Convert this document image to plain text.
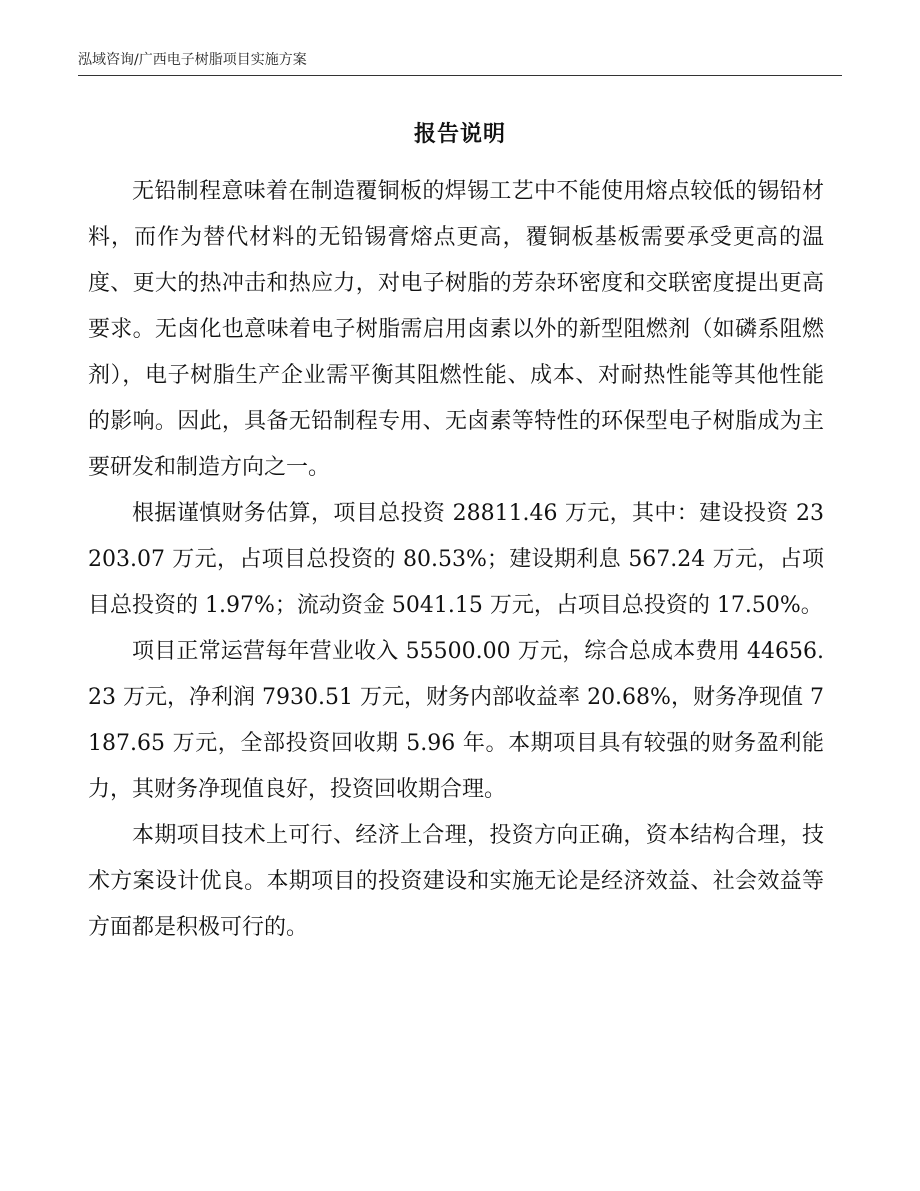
泓域咨询/广西电子树脂项目实施方案
报告说明

无铅制程意味着在制造覆铜板的焊锡工艺中不能使用熔点较低的锡铅材料，而作为替代材料的无铅锡膏熔点更高，覆铜板基板需要承受更高的温度、更大的热冲击和热应力，对电子树脂的芳杂环密度和交联密度提出更高要求。无卤化也意味着电子树脂需启用卤素以外的新型阻燃剂（如磷系阻燃剂），电子树脂生产企业需平衡其阻燃性能、成本、对耐热性能等其他性能的影响。因此，具备无铅制程专用、无卤素等特性的环保型电子树脂成为主要研发和制造方向之一。

根据谨慎财务估算，项目总投资 28811.46 万元，其中：建设投资 23203.07 万元，占项目总投资的 80.53%；建设期利息 567.24 万元，占项目总投资的 1.97%；流动资金 5041.15 万元，占项目总投资的 17.50%。

项目正常运营每年营业收入 55500.00 万元，综合总成本费用 44656.23 万元，净利润 7930.51 万元，财务内部收益率 20.68%，财务净现值 7187.65 万元，全部投资回收期 5.96 年。本期项目具有较强的财务盈利能力，其财务净现值良好，投资回收期合理。

本期项目技术上可行、经济上合理，投资方向正确，资本结构合理，技术方案设计优良。本期项目的投资建设和实施无论是经济效益、社会效益等方面都是积极可行的。
